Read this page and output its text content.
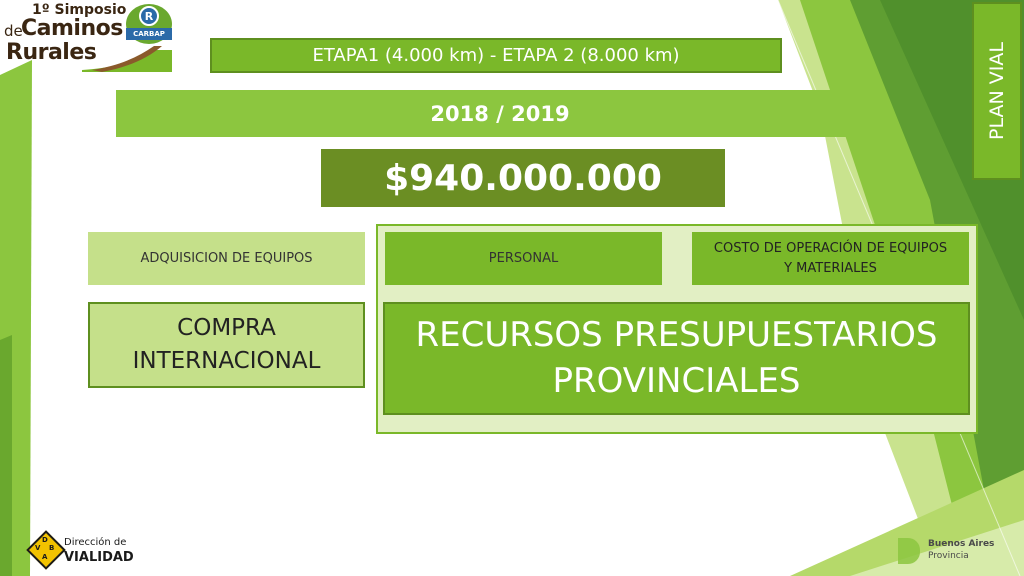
1º Simposio
de
Caminos
Rurales
R
CARBAP
ETAPA1 (4.000 km) - ETAPA 2 (8.000 km)
2018 / 2019
$940.000.000
PLAN VIAL
ADQUISICION DE EQUIPOS
COMPRA INTERNACIONAL
PERSONAL
COSTO DE OPERACIÓN DE EQUIPOS Y MATERIALES
RECURSOS PRESUPUESTARIOS PROVINCIALES
D
V B
A
Dirección de
VIALIDAD
Buenos Aires
Provincia
